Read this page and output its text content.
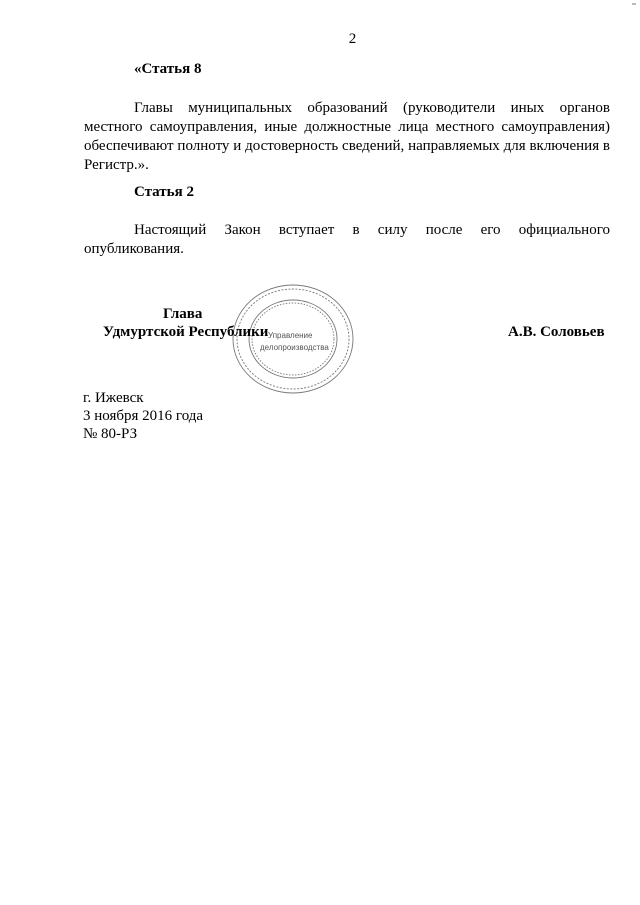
2
«Статья 8

Главы муниципальных образований (руководители иных органов местного самоуправления, иные должностные лица местного самоуправления) обеспечивают полноту и достоверность сведений, направляемых для включения в Регистр.».

Статья 2

Настоящий Закон вступает в силу после его официального опубликования.

Управление
делопроизводства
Глава
Удмуртской Республики	А.В. Соловьев
г. Ижевск
3 ноября 2016 года
№ 80-РЗ
